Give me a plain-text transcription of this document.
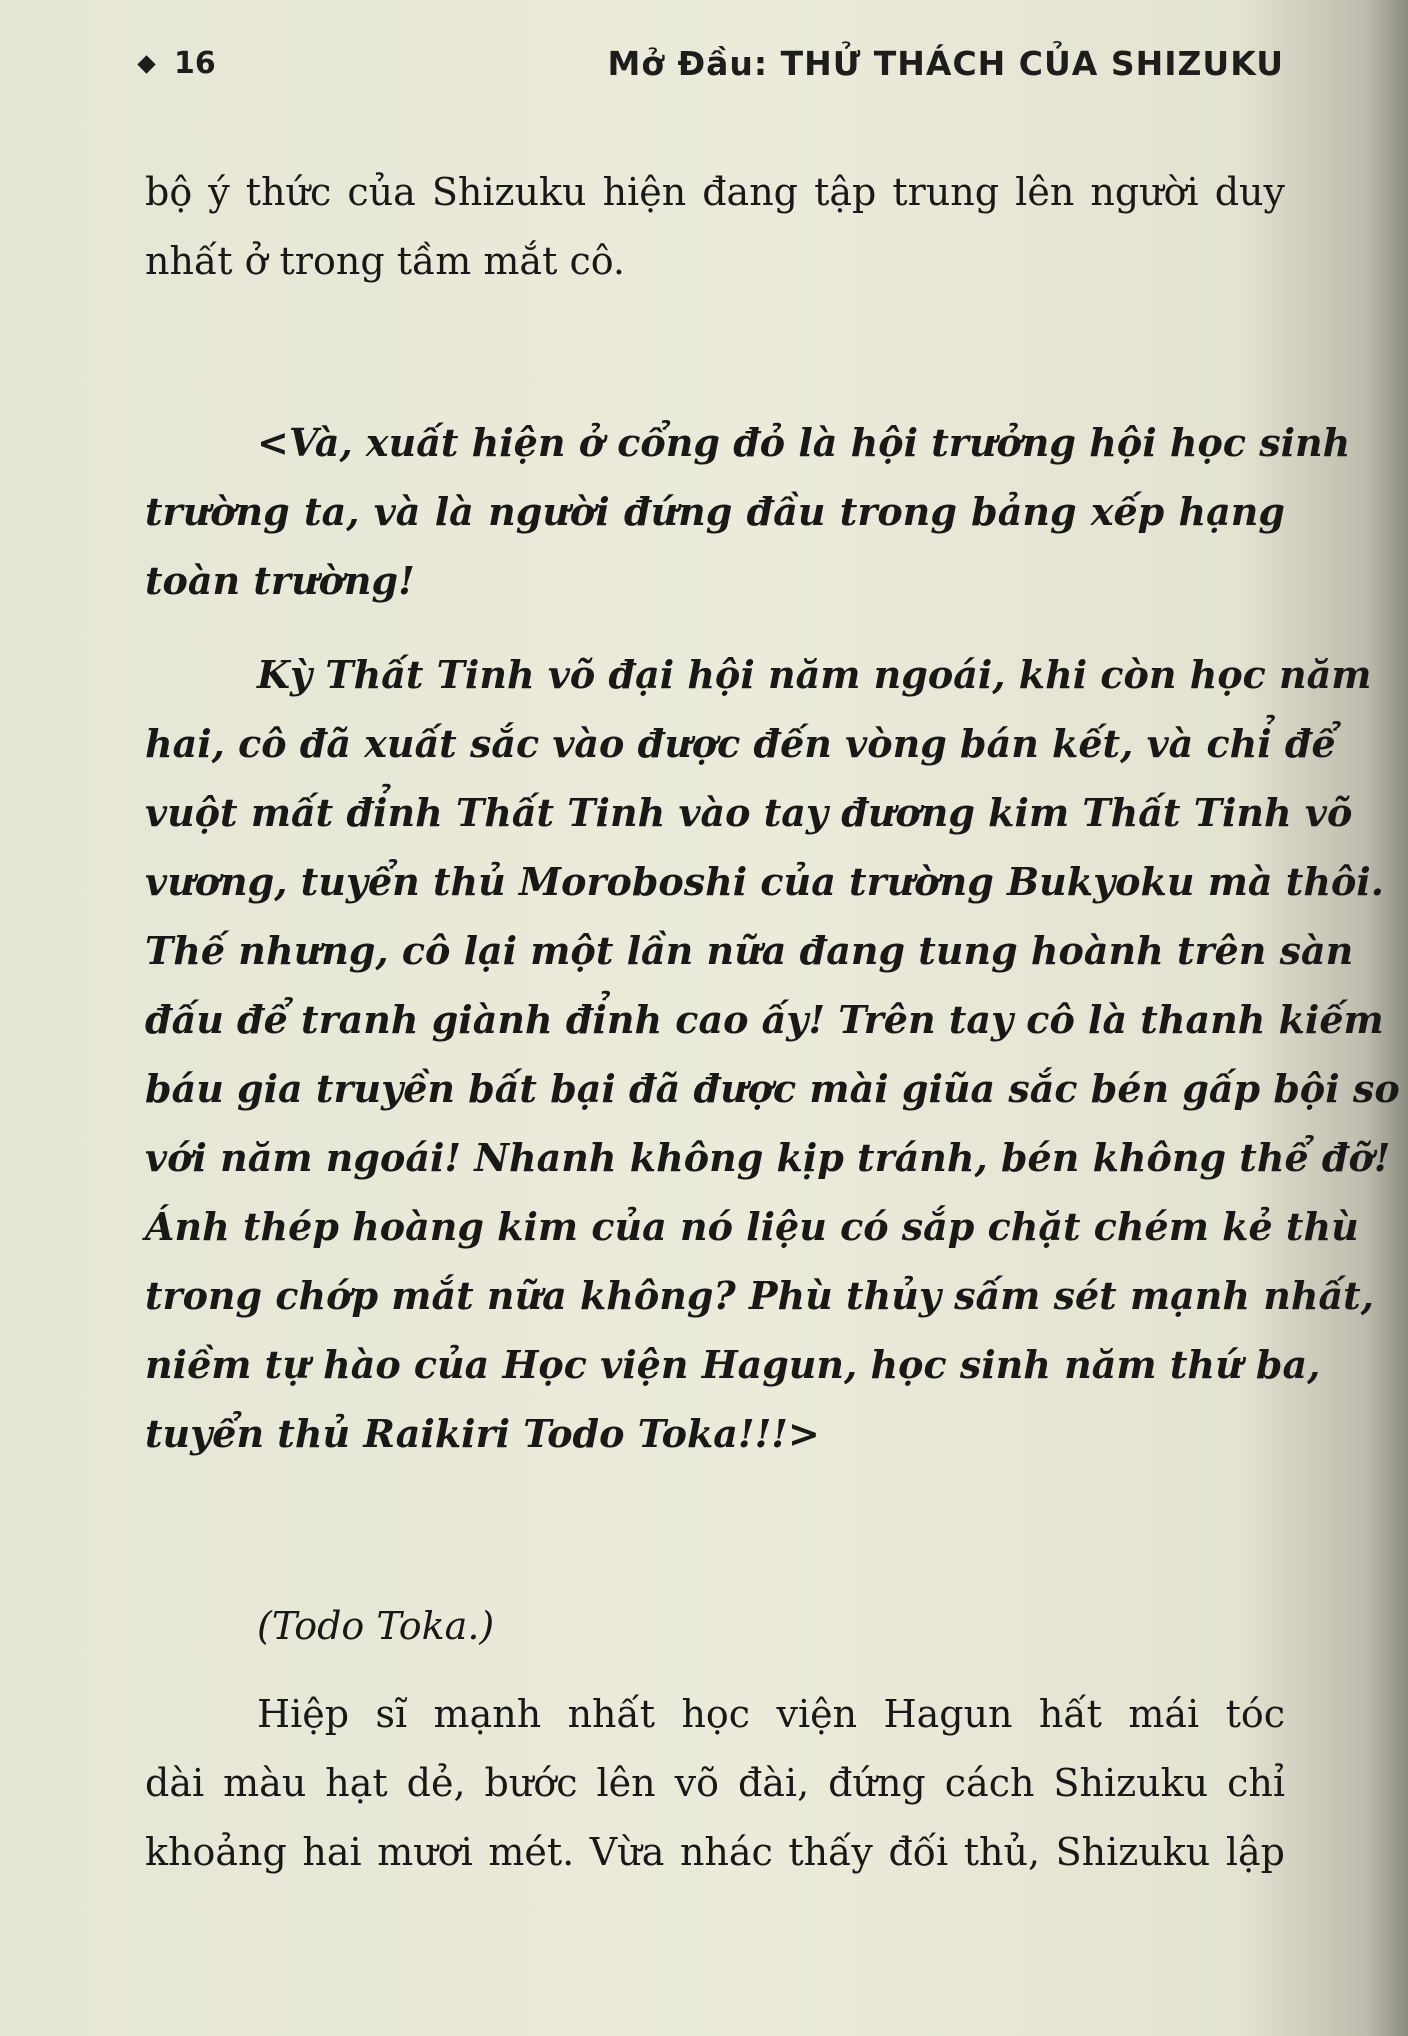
16	Mở Đầu: THỬ THÁCH CỦA SHIZUKU

bộ ý thức của Shizuku hiện đang tập trung lên người duy
nhất ở trong tầm mắt cô.

<Và, xuất hiện ở cổng đỏ là hội trưởng hội học sinh
trường ta, và là người đứng đầu trong bảng xếp hạng
toàn trường!

Kỳ Thất Tinh võ đại hội năm ngoái, khi còn học năm
hai, cô đã xuất sắc vào được đến vòng bán kết, và chỉ để
vuột mất đỉnh Thất Tinh vào tay đương kim Thất Tinh võ
vương, tuyển thủ Moroboshi của trường Bukyoku mà thôi.
Thế nhưng, cô lại một lần nữa đang tung hoành trên sàn
đấu để tranh giành đỉnh cao ấy! Trên tay cô là thanh kiếm
báu gia truyền bất bại đã được mài giũa sắc bén gấp bội so
với năm ngoái! Nhanh không kịp tránh, bén không thể đỡ!
Ánh thép hoàng kim của nó liệu có sắp chặt chém kẻ thù
trong chớp mắt nữa không? Phù thủy sấm sét mạnh nhất,
niềm tự hào của Học viện Hagun, học sinh năm thứ ba,
tuyển thủ Raikiri Todo Toka!!!>

(Todo Toka.)

Hiệp sĩ mạnh nhất học viện Hagun hất mái tóc
dài màu hạt dẻ, bước lên võ đài, đứng cách Shizuku chỉ
khoảng hai mươi mét. Vừa nhác thấy đối thủ, Shizuku lập
